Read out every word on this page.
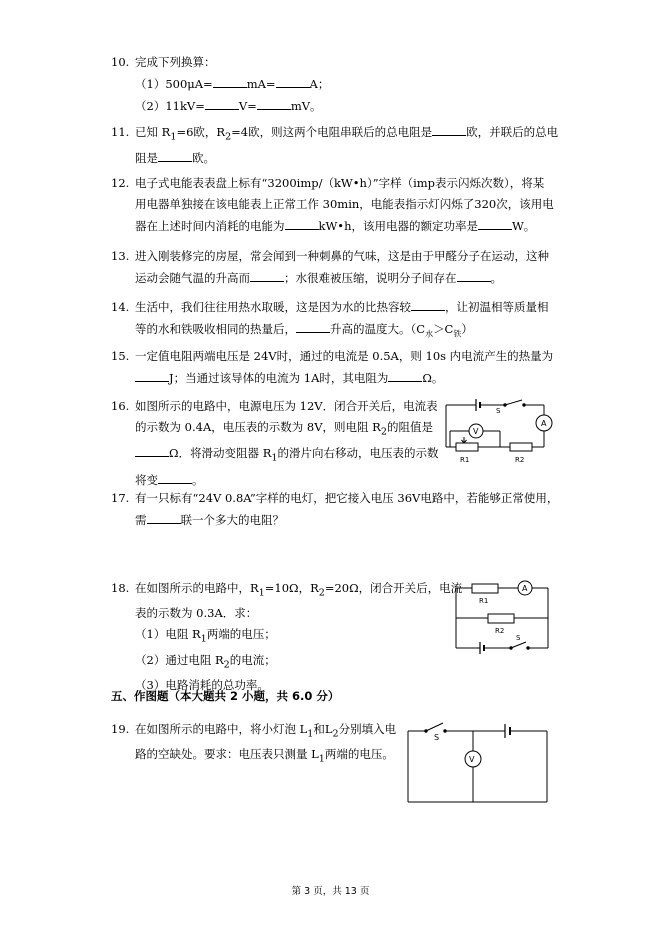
10. 完成下列换算：
（1）500μA=	mA=	A；
（2）11kV=	V=	mV。
11. 已知 $R_1=6$欧，$R_2=4$欧，则这两个电阻串联后的总电阻是	欧，并联后的总电
阻是	欧。
12. 电子式电能表表盘上标有“3200imp/（kW•h）”字样（imp表示闪烁次数），将某
用电器单独接在该电能表上正常工作 30min，电能表指示灯闪烁了320次，该用电
器在上述时间内消耗的电能为	kW•h，该用电器的额定功率是	W。
13. 进入刚装修完的房屋，常会闻到一种刺鼻的气味，这是由于甲醛分子在运动，这种
运动会随气温的升高而	；水很难被压缩，说明分子间存在	。
14. 生活中，我们往往用热水取暖，这是因为水的比热容较	，让初温相等质量相
等的水和铁吸收相同的热量后，	升高的温度大。$(C_水>C_铁)$
15. 一定值电阻两端电压是 24V时，通过的电流是 0.5A，则 10s 内电流产生的热量为
J；当通过该导体的电流为 1A时，其电阻为	Ω。
16. 如图所示的电路中，电源电压为 12V．闭合开关后，电流表
的示数为 0.4A，电压表的示数为 8V，则电阻 $R_2$的阻值是
Ω．将滑动变阻器 $R_1$的滑片向右移动，电压表的示数
将变	。
S
A
V
R1	R2
17. 有一只标有“24V 0.8A”字样的电灯，把它接入电压 36V电路中，若能够正常使用，
需	联一个多大的电阻？
18. 在如图所示的电路中，$R_1=10\Omega$，$R_2=20\Omega$，闭合开关后，电流
表的示数为 0.3A．求：
（1）电阻 $R_1$两端的电压；
（2）通过电阻 $R_2$的电流；
（3）电路消耗的总功率。
R1
R2
A
S
五、作图题（本大题共 2 小题，共 6.0 分）
19. 在如图所示的电路中，将小灯泡 $L_1$和$L_2$分别填入电
路的空缺处。要求：电压表只测量 $L_1$两端的电压。
S
V
第 3 页，共 13 页
